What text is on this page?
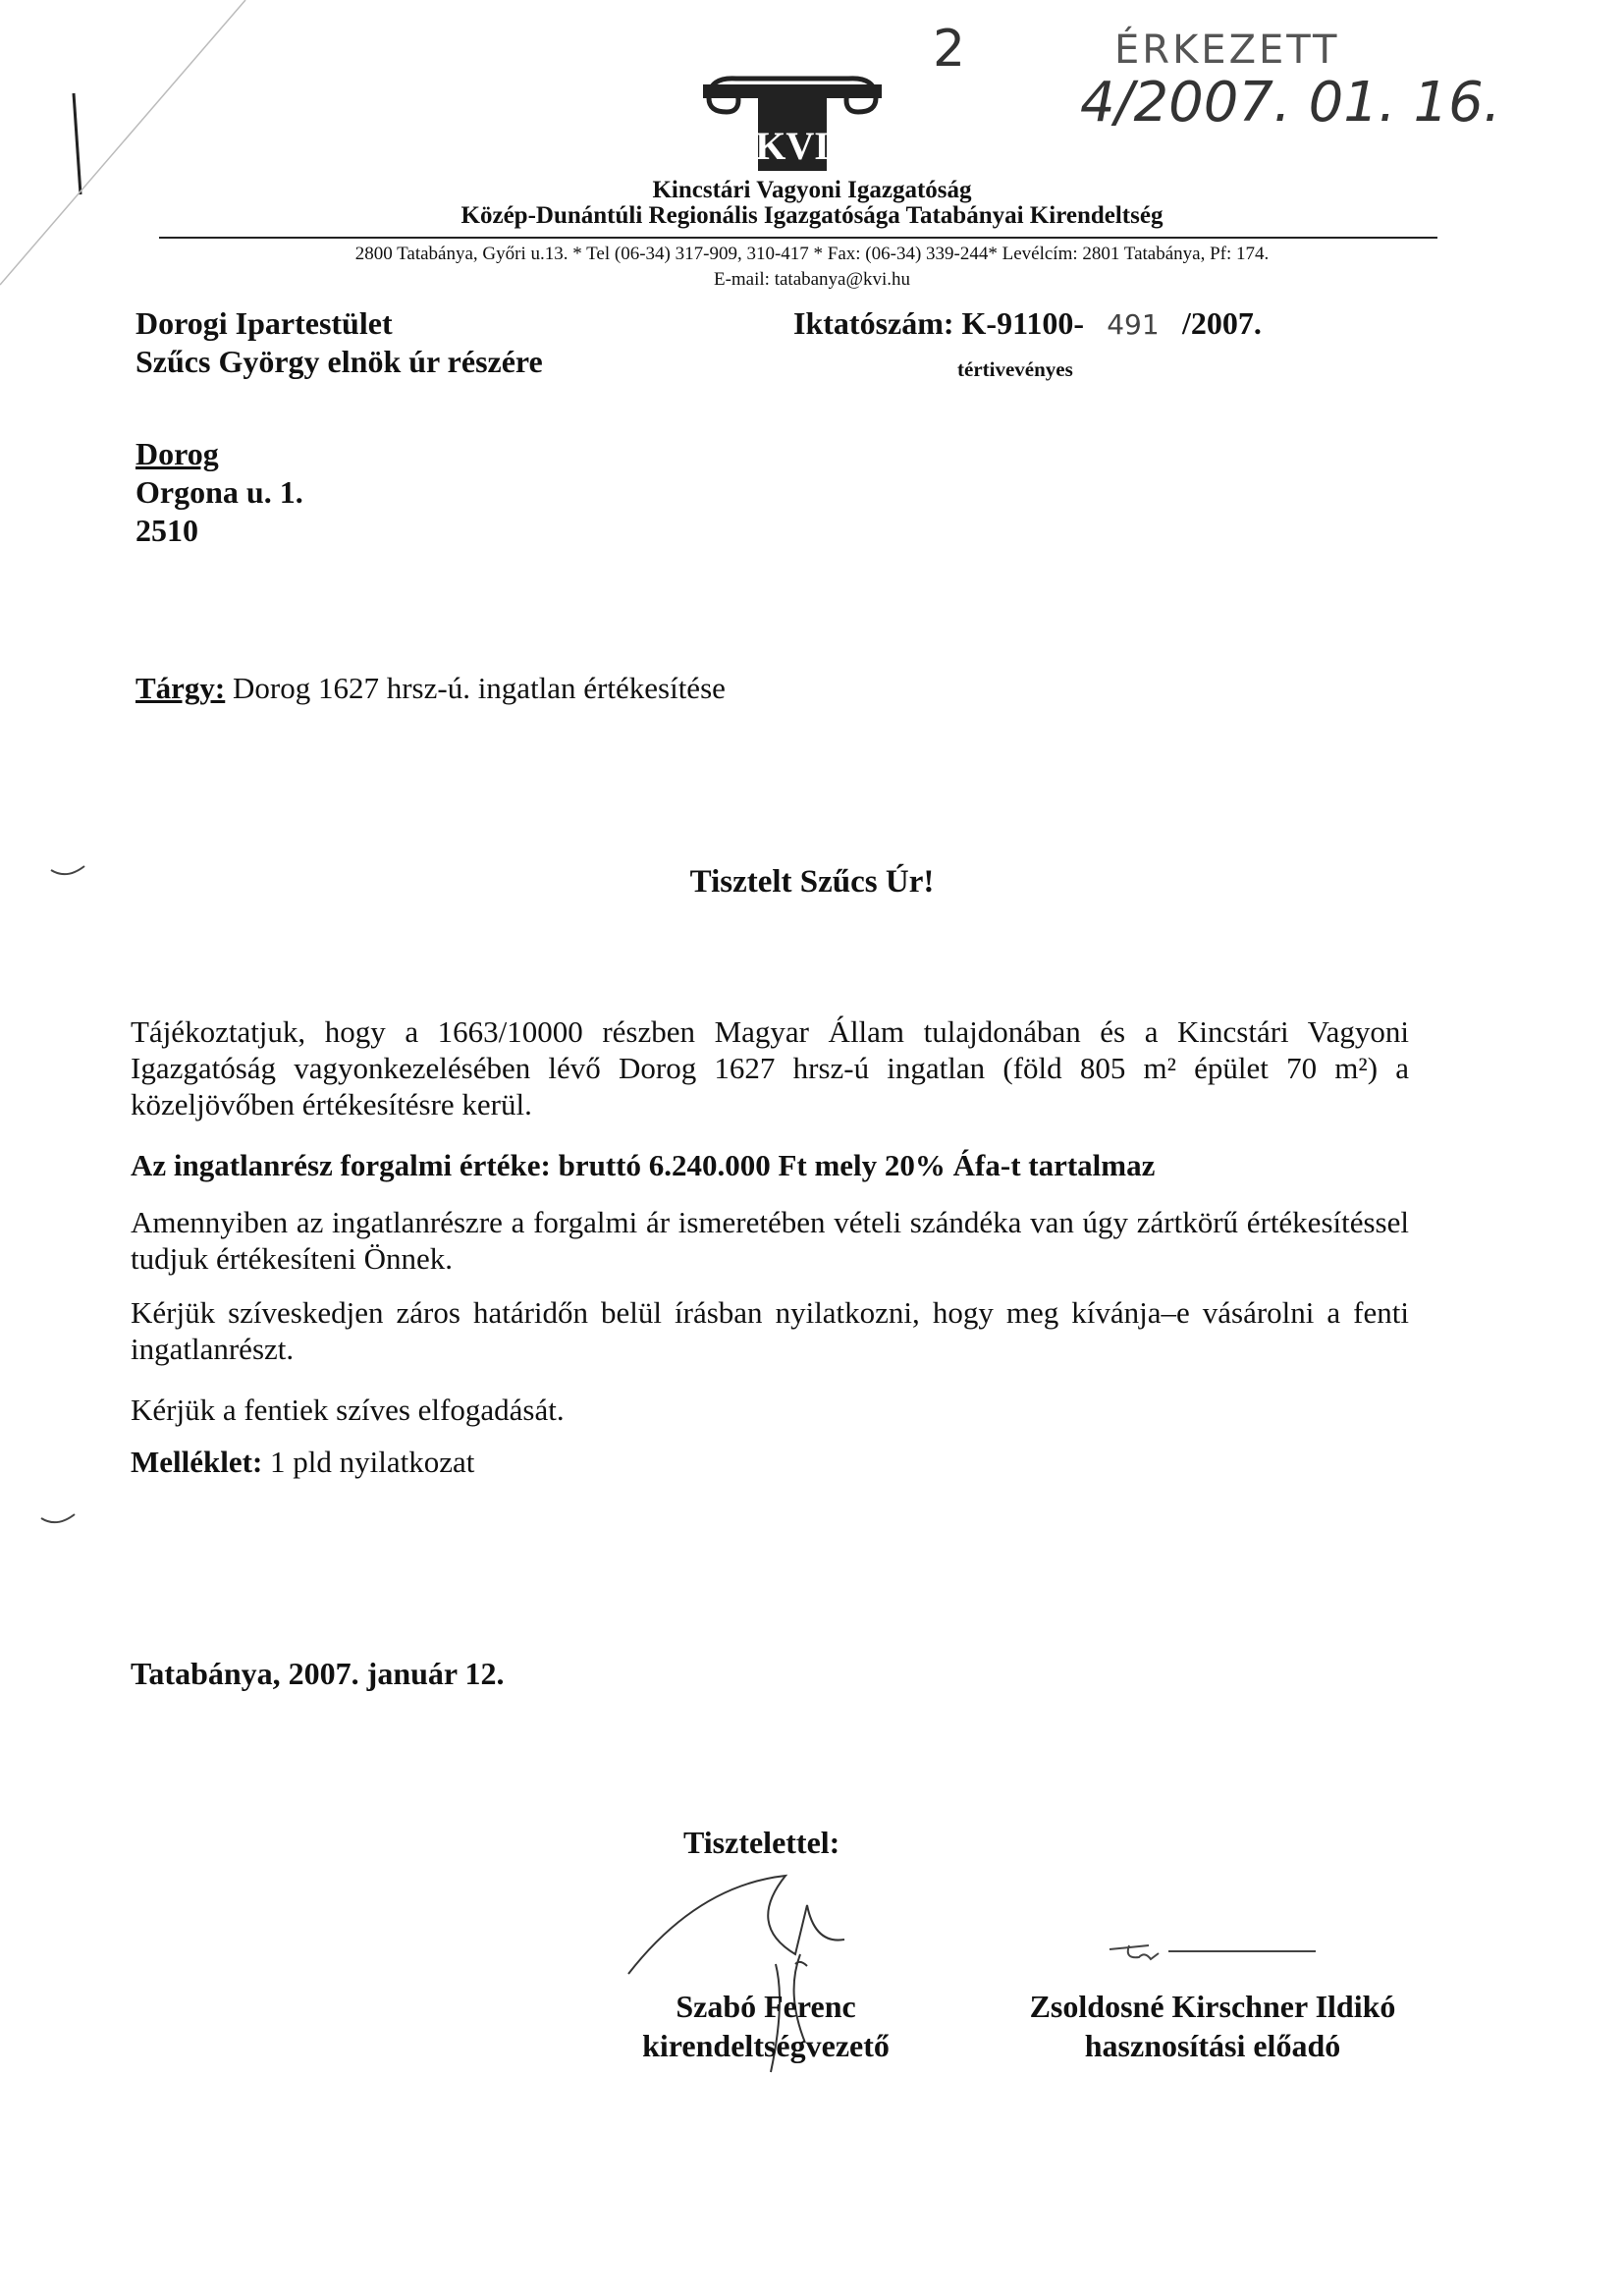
2	ÉRKEZETT
4/2007. 01. 16.
KVI
Kincstári Vagyoni Igazgatóság
Közép-Dunántúli Regionális Igazgatósága Tatabányai Kirendeltség
2800 Tatabánya, Győri u.13. * Tel (06-34) 317-909, 310-417 * Fax: (06-34) 339-244* Levélcím: 2801 Tatabánya, Pf: 174.
E-mail: tatabanya@kvi.hu
Dorogi Ipartestület
Szűcs György elnök úr részére
Iktatószám: K-91100- 491 /2007.
tértivevényes
Dorog
Orgona u. 1.
2510
Tárgy: Dorog 1627 hrsz-ú. ingatlan értékesítése
Tisztelt Szűcs Úr!
Tájékoztatjuk, hogy a 1663/10000 részben Magyar Állam tulajdonában és a Kincstári Vagyoni Igazgatóság vagyonkezelésében lévő Dorog 1627 hrsz-ú ingatlan (föld 805 m² épület 70 m²) a közeljövőben értékesítésre kerül.
Az ingatlanrész forgalmi értéke: bruttó 6.240.000 Ft mely 20% Áfa-t tartalmaz
Amennyiben az ingatlanrészre a forgalmi ár ismeretében vételi szándéka van úgy zártkörű értékesítéssel tudjuk értékesíteni Önnek.
Kérjük szíveskedjen záros határidőn belül írásban nyilatkozni, hogy meg kívánja–e vásárolni a fenti ingatlanrészt.
Kérjük a fentiek szíves elfogadását.
Melléklet: 1 pld nyilatkozat
Tatabánya, 2007. január 12.
Tisztelettel:
Szabó Ferenc
kirendeltségvezető
Zsoldosné Kirschner Ildikó
hasznosítási előadó
